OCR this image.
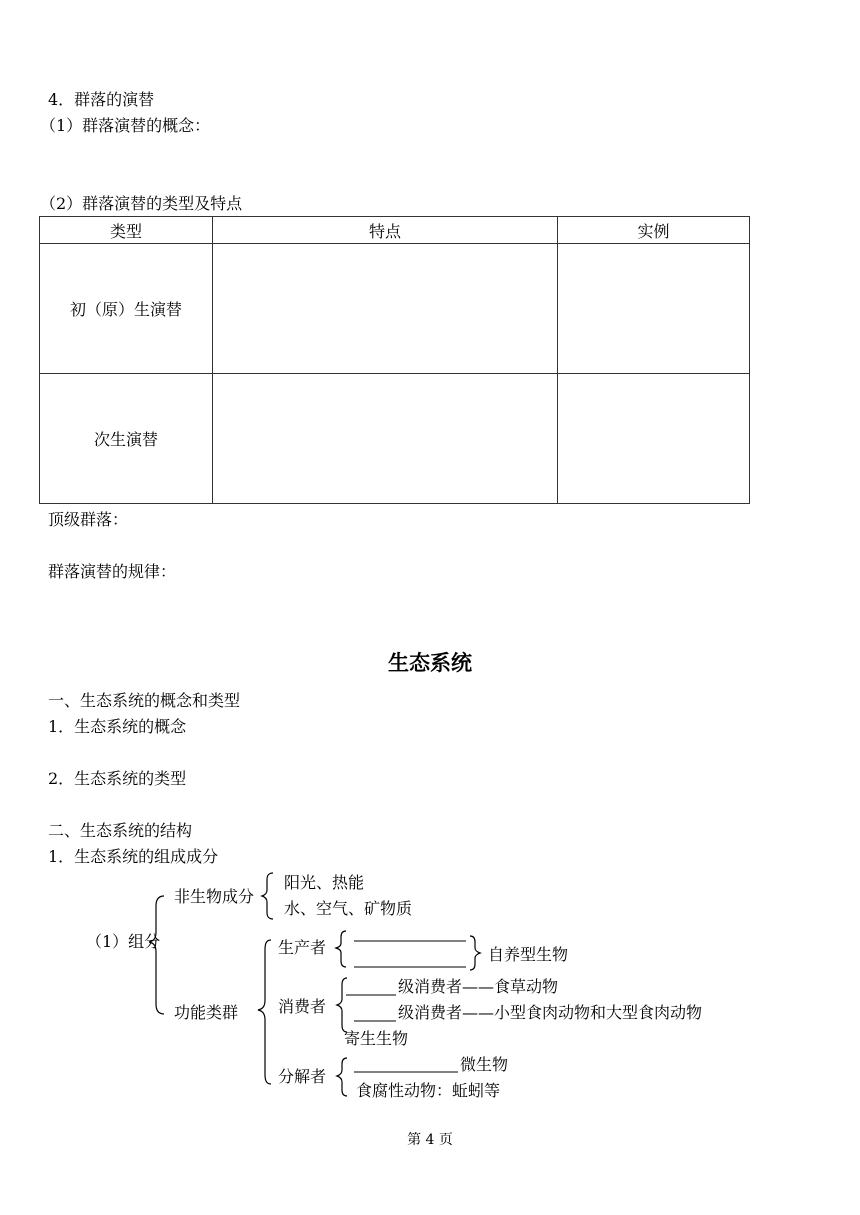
4．群落的演替
（1）群落演替的概念：
（2）群落演替的类型及特点
类型	特点	实例
初（原）生演替		
次生演替		
顶级群落：
群落演替的规律：
生态系统
一、生态系统的概念和类型
1．生态系统的概念
2．生态系统的类型
二、生态系统的结构
1．生态系统的组成成分
（1）组分
非生物成分
阳光、热能
水、空气、矿物质
功能类群
生产者	自养型生物
消费者
级消费者——食草动物
级消费者——小型食肉动物和大型食肉动物
寄生生物
分解者
微生物
食腐性动物：蚯蚓等
第 4 页
